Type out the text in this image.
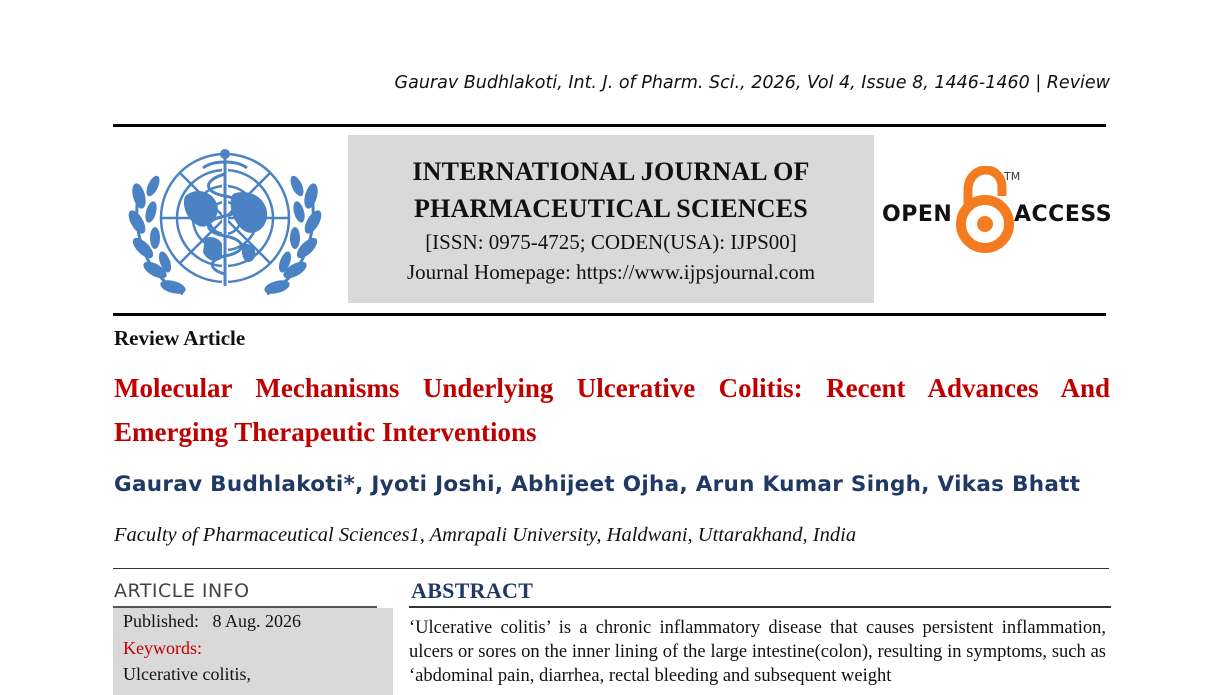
Gaurav Budhlakoti, Int. J. of Pharm. Sci., 2026, Vol 4, Issue 8, 1446-1460 | Review
INTERNATIONAL JOURNAL OF
PHARMACEUTICAL SCIENCES
[ISSN: 0975-4725; CODEN(USA): IJPS00]
Journal Homepage: https://www.ijpsjournal.com
OPEN
TM
ACCESS
Review Article
Molecular Mechanisms Underlying Ulcerative Colitis: Recent Advances And Emerging Therapeutic Interventions
Gaurav Budhlakoti*, Jyoti Joshi, Abhijeet Ojha, Arun Kumar Singh, Vikas Bhatt
Faculty of Pharmaceutical Sciences1, Amrapali University, Haldwani, Uttarakhand, India
ARTICLE INFO
Published: 8 Aug. 2026
Keywords:
Ulcerative colitis,
ABSTRACT
‘Ulcerative colitis’ is a chronic inflammatory disease that causes persistent inflammation, ulcers or sores on the inner lining of the large intestine(colon), resulting in symptoms, such as ‘abdominal pain, diarrhea, rectal bleeding and subsequent weight
